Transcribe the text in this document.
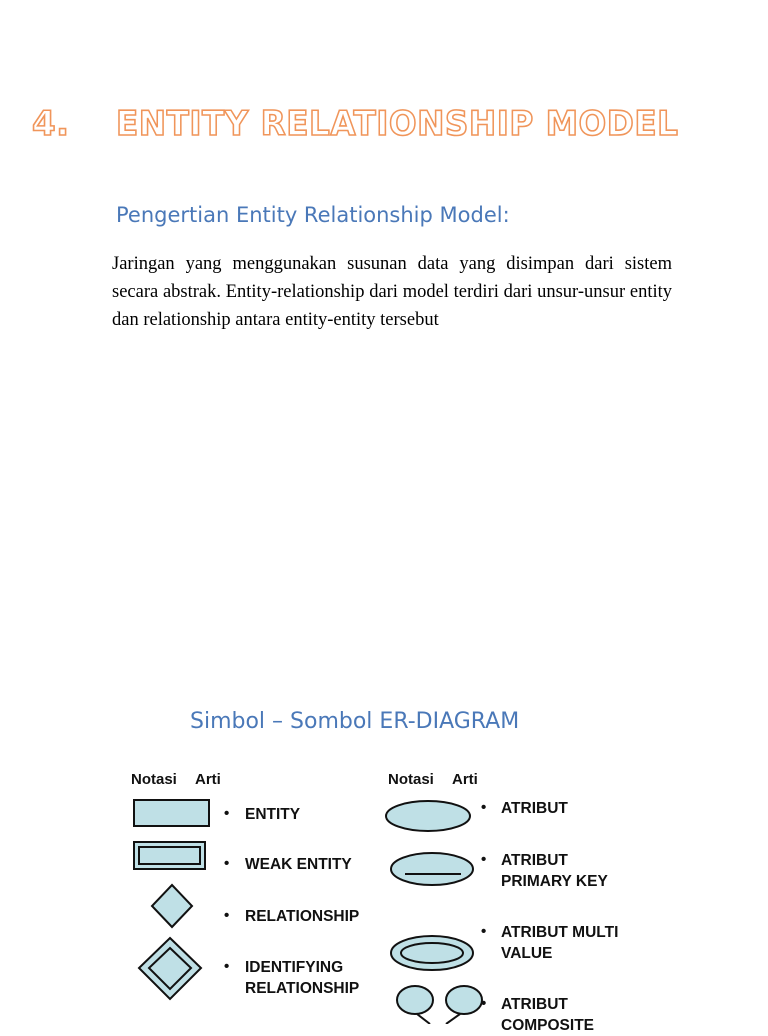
4. ENTITY RELATIONSHIP MODEL
Pengertian Entity Relationship Model:

Jaringan yang menggunakan susunan data yang disimpan dari sistem secara abstrak. Entity-relationship dari model terdiri dari unsur-unsur entity dan relationship antara entity-entity tersebut

Simbol – Sombol ER-DIAGRAM
Notasi Arti	Notasi Arti
• ENTITY
• WEAK ENTITY
• RELATIONSHIP
• IDENTIFYING
RELATIONSHIP
• ATRIBUT
• ATRIBUT
PRIMARY KEY
• ATRIBUT MULTI
VALUE
• ATRIBUT
COMPOSITE
